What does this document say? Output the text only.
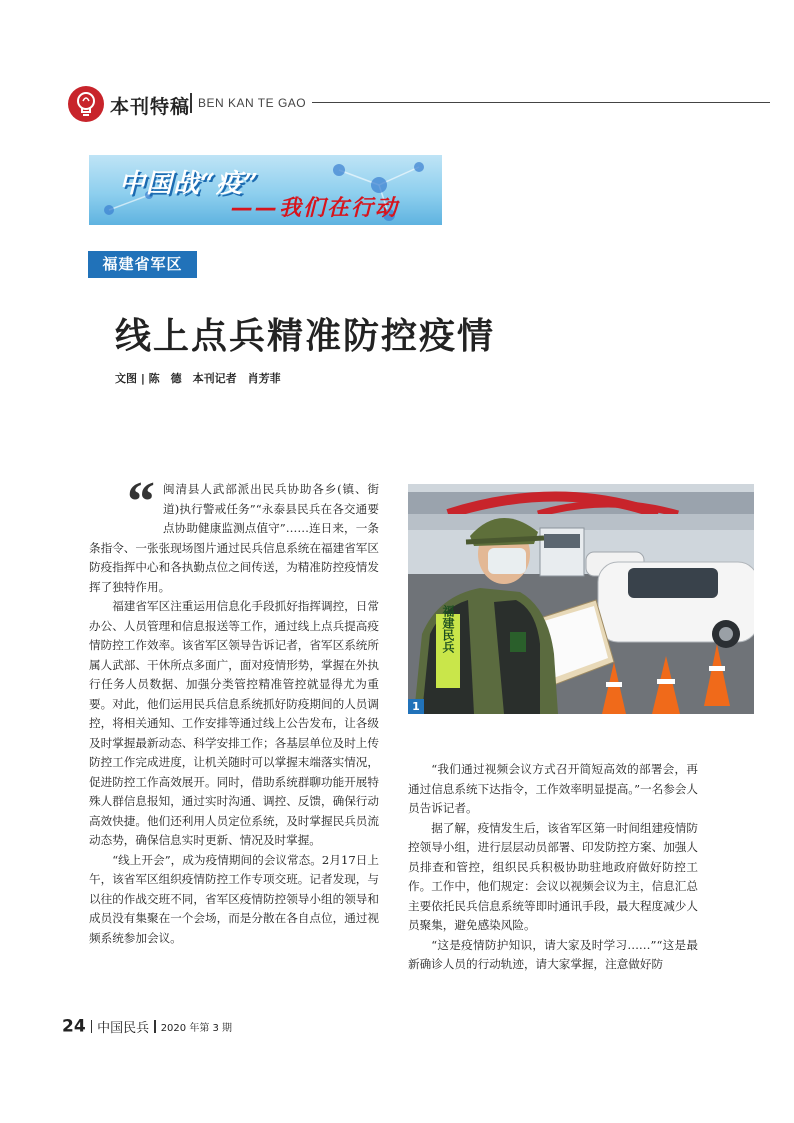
本刊特稿 BEN KAN TE GAO
中国战“疫”
——我们在行动
福建省军区
线上点兵精准防控疫情
文图 | 陈　德　本刊记者　肖芳菲

“ 闽清县人武部派出民兵协助各乡(镇、街道)执行警戒任务”“永泰县民兵在各交通要点协助健康监测点值守”……连日来，一条条指令、一张张现场图片通过民兵信息系统在福建省军区防疫指挥中心和各执勤点位之间传送，为精准防控疫情发挥了独特作用。

福建省军区注重运用信息化手段抓好指挥调控，日常办公、人员管理和信息报送等工作，通过线上点兵提高疫情防控工作效率。该省军区领导告诉记者，省军区系统所属人武部、干休所点多面广，面对疫情形势，掌握在外执行任务人员数据、加强分类管控精准管控就显得尤为重要。对此，他们运用民兵信息系统抓好防疫期间的人员调控，将相关通知、工作安排等通过线上公告发布，让各级及时掌握最新动态、科学安排工作；各基层单位及时上传防控工作完成进度，让机关随时可以掌握末端落实情况，促进防控工作高效展开。同时，借助系统群聊功能开展特殊人群信息报知，通过实时沟通、调控、反馈，确保行动高效快捷。他们还利用人员定位系统，及时掌握民兵员流动态势，确保信息实时更新、情况及时掌握。

“线上开会”，成为疫情期间的会议常态。2月17日上午，该省军区组织疫情防控工作专项交班。记者发现，与以往的作战交班不同，省军区疫情防控领导小组的领导和成员没有集聚在一个会场，而是分散在各自点位，通过视频系统参加会议。

福建民兵
1

“我们通过视频会议方式召开简短高效的部署会，再通过信息系统下达指令，工作效率明显提高。”一名参会人员告诉记者。

据了解，疫情发生后，该省军区第一时间组建疫情防控领导小组，进行层层动员部署、印发防控方案、加强人员排查和管控，组织民兵积极协助驻地政府做好防控工作。工作中，他们规定：会议以视频会议为主，信息汇总主要依托民兵信息系统等即时通讯手段，最大程度减少人员聚集，避免感染风险。

“这是疫情防护知识，请大家及时学习……”“这是最新确诊人员的行动轨迹，请大家掌握，注意做好防

24 中国民兵 2020 年第 3 期
